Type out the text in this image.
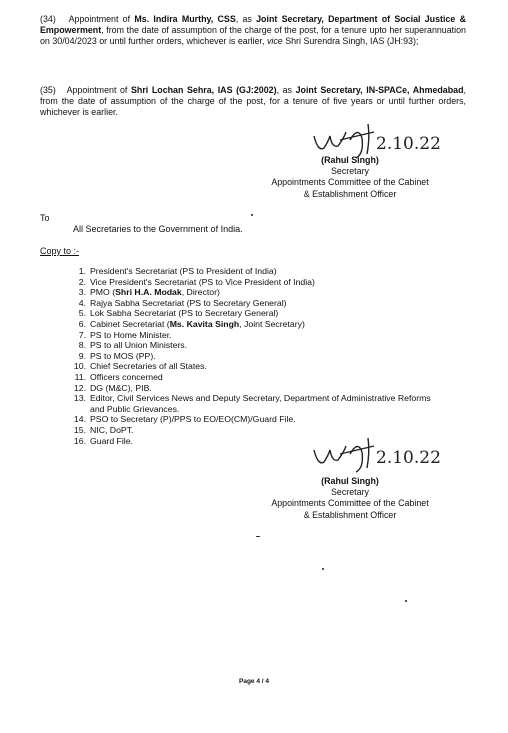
(34) Appointment of Ms. Indira Murthy, CSS, as Joint Secretary, Department of Social Justice & Empowerment, from the date of assumption of the charge of the post, for a tenure upto her superannuation on 30/04/2023 or until further orders, whichever is earlier, vice Shri Surendra Singh, IAS (JH:93);
(35) Appointment of Shri Lochan Sehra, IAS (GJ:2002), as Joint Secretary, IN-SPACe, Ahmedabad, from the date of assumption of the charge of the post, for a tenure of five years or until further orders, whichever is earlier.
2.10.22
(Rahul Singh)
Secretary
Appointments Committee of the Cabinet
& Establishment Officer
To
All Secretaries to the Government of India.
Copy to :-
1. President's Secretariat (PS to President of India)
2. Vice President's Secretariat (PS to Vice President of India)
3. PMO (Shri H.A. Modak, Director)
4. Rajya Sabha Secretariat (PS to Secretary General)
5. Lok Sabha Secretariat (PS to Secretary General)
6. Cabinet Secretariat (Ms. Kavita Singh, Joint Secretary)
7. PS to Home Minister.
8. PS to all Union Ministers.
9. PS to MOS (PP).
10. Chief Secretaries of all States.
11. Officers concerned
12. DG (M&C), PIB.
13. Editor, Civil Services News and Deputy Secretary, Department of Administrative Reforms and Public Grievances.
14. PSO to Secretary (P)/PPS to EO/EO(CM)/Guard File.
15. NIC, DoPT.
16. Guard File.
2.10.22
(Rahul Singh)
Secretary
Appointments Committee of the Cabinet
& Establishment Officer
Page 4 / 4
